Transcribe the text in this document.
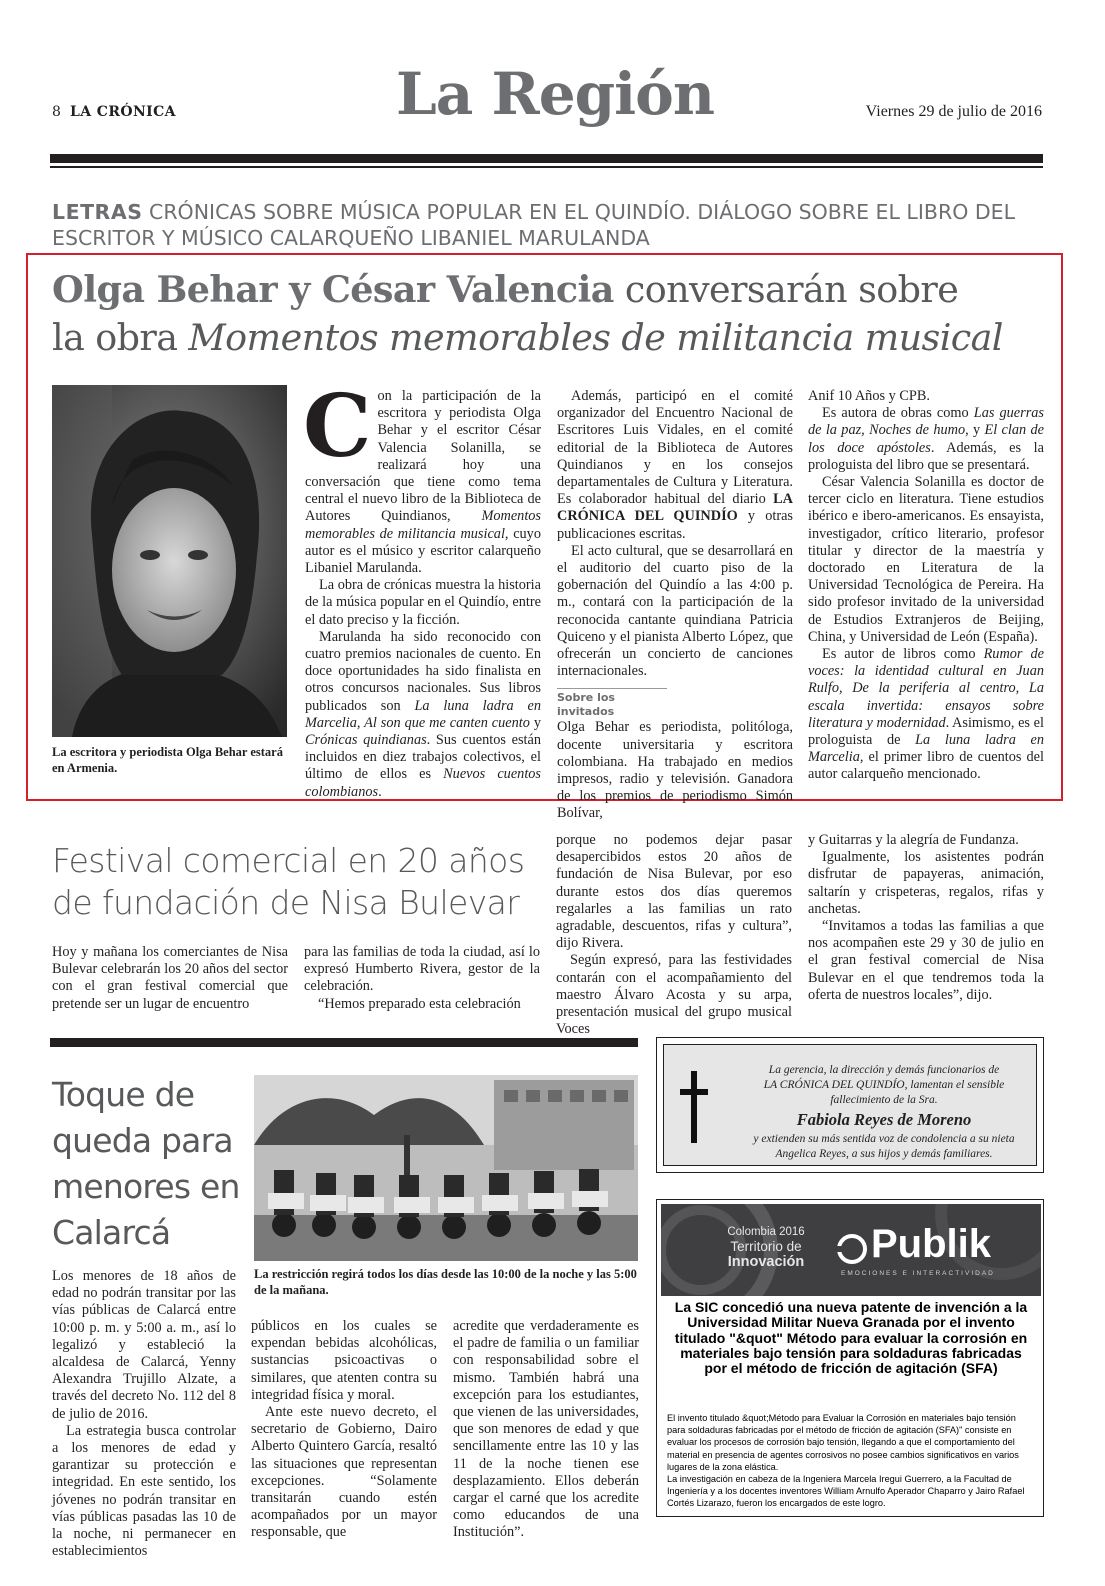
8 LA CRÓNICA	La Región	Viernes 29 de julio de 2016
LETRAS CRÓNICAS SOBRE MÚSICA POPULAR EN EL QUINDÍO. DIÁLOGO SOBRE EL LIBRO DEL ESCRITOR Y MÚSICO CALARQUEÑO LIBANIEL MARULANDA
Olga Behar y César Valencia conversarán sobre
la obra Momentos memorables de militancia musical
La escritora y periodista Olga Behar estará en Armenia.

C on la participación de la escritora y periodista Olga Behar y el escritor César Valencia Solanilla, se realizará hoy una conversación que tiene como tema central el nuevo libro de la Biblioteca de Autores Quindianos, Momentos memorables de militancia musical, cuyo autor es el músico y escritor calarqueño Libaniel Marulanda.

La obra de crónicas muestra la historia de la música popular en el Quindío, entre el dato preciso y la ficción.

Marulanda ha sido reconocido con cuatro premios nacionales de cuento. En doce oportunidades ha sido finalista en otros concursos nacionales. Sus libros publicados son La luna ladra en Marcelia, Al son que me canten cuento y Crónicas quindianas. Sus cuentos están incluidos en diez trabajos colectivos, el último de ellos es Nuevos cuentos colombianos.

Además, participó en el comité organizador del Encuentro Nacional de Escritores Luis Vidales, en el comité editorial de la Biblioteca de Autores Quindianos y en los consejos departamentales de Cultura y Literatura. Es colaborador habitual del diario LA CRÓNICA DEL QUINDÍO y otras publicaciones escritas.

El acto cultural, que se desarrollará en el auditorio del cuarto piso de la gobernación del Quindío a las 4:00 p. m., contará con la participación de la reconocida cantante quindiana Patricia Quiceno y el pianista Alberto López, que ofrecerán un concierto de canciones internacionales.

Sobre los invitados

Olga Behar es periodista, politóloga, docente universitaria y escritora colombiana. Ha trabajado en medios impresos, radio y televisión. Ganadora de los premios de periodismo Simón Bolívar,

Anif 10 Años y CPB.

Es autora de obras como Las guerras de la paz, Noches de humo, y El clan de los doce apóstoles. Además, es la prologuista del libro que se presentará.

César Valencia Solanilla es doctor de tercer ciclo en literatura. Tiene estudios ibérico e ibero-americanos. Es ensayista, investigador, crítico literario, profesor titular y director de la maestría y doctorado en Literatura de la Universidad Tecnológica de Pereira. Ha sido profesor invitado de la universidad de Estudios Extranjeros de Beijing, China, y Universidad de León (España).

Es autor de libros como Rumor de voces: la identidad cultural en Juan Rulfo, De la periferia al centro, La escala invertida: ensayos sobre literatura y modernidad. Asimismo, es el prologuista de La luna ladra en Marcelia, el primer libro de cuentos del autor calarqueño mencionado.

Festival comercial en 20 años de fundación de Nisa Bulevar

Hoy y mañana los comerciantes de Nisa Bulevar celebrarán los 20 años del sector con el gran festival comercial que pretende ser un lugar de encuentro

para las familias de toda la ciudad, así lo expresó Humberto Rivera, gestor de la celebración.

“Hemos preparado esta celebración

porque no podemos dejar pasar desapercibidos estos 20 años de fundación de Nisa Bulevar, por eso durante estos dos días queremos regalarles a las familias un rato agradable, descuentos, rifas y cultura”, dijo Rivera.

Según expresó, para las festividades contarán con el acompañamiento del maestro Álvaro Acosta y su arpa, presentación musical del grupo musical Voces

y Guitarras y la alegría de Fundanza.

Igualmente, los asistentes podrán disfrutar de papayeras, animación, saltarín y crispeteras, regalos, rifas y anchetas.

“Invitamos a todas las familias a que nos acompañen este 29 y 30 de julio en el gran festival comercial de Nisa Bulevar en el que tendremos toda la oferta de nuestros locales”, dijo.

Toque de queda para menores en Calarcá
La restricción regirá todos los días desde las 10:00 de la noche y las 5:00 de la mañana.

Los menores de 18 años de edad no podrán transitar por las vías públicas de Calarcá entre 10:00 p. m. y 5:00 a. m., así lo legalizó y estableció la alcaldesa de Calarcá, Yenny Alexandra Trujillo Alzate, a través del decreto No. 112 del 8 de julio de 2016.

La estrategia busca controlar a los menores de edad y garantizar su protección e integridad. En este sentido, los jóvenes no podrán transitar en vías públicas pasadas las 10 de la noche, ni permanecer en establecimientos

públicos en los cuales se expendan bebidas alcohólicas, sustancias psicoactivas o similares, que atenten contra su integridad física y moral.

Ante este nuevo decreto, el secretario de Gobierno, Dairo Alberto Quintero García, resaltó las situaciones que representan excepciones. “Solamente transitarán cuando estén acompañados por un mayor responsable, que

acredite que verdaderamente es el padre de familia o un familiar con responsabilidad sobre el mismo. También habrá una excepción para los estudiantes, que vienen de las universidades, que son menores de edad y que sencillamente entre las 10 y las 11 de la noche tienen ese desplazamiento. Ellos deberán cargar el carné que los acredite como educandos de una Institución”.

La gerencia, la dirección y demás funcionarios de
LA CRÓNICA DEL QUINDÍO, lamentan el sensible
fallecimiento de la Sra.
Fabiola Reyes de Moreno
y extienden su más sentida voz de condolencia a su nieta
Angelica Reyes, a sus hijos y demás familiares.
Colombia 2016
Territorio de
Innovación	Publik
EMOCIONES E INTERACTIVIDAD
La SIC concedió una nueva patente de invención a la Universidad Militar Nueva Granada por el invento titulado "&quot" Método para evaluar la corrosión en materiales bajo tensión para soldaduras fabricadas por el método de fricción de agitación (SFA)
El invento titulado &quot;Método para Evaluar la Corrosión en materiales bajo tensión para soldaduras fabricadas por el método de fricción de agitación (SFA)" consiste en evaluar los procesos de corrosión bajo tensión, llegando a que el comportamiento del material en presencia de agentes corrosivos no posee cambios significativos en varios lugares de la zona elástica.
La investigación en cabeza de la Ingeniera Marcela Iregui Guerrero, a la Facultad de Ingeniería y a los docentes inventores William Arnulfo Aperador Chaparro y Jairo Rafael Cortés Lizarazo, fueron los encargados de este logro.
